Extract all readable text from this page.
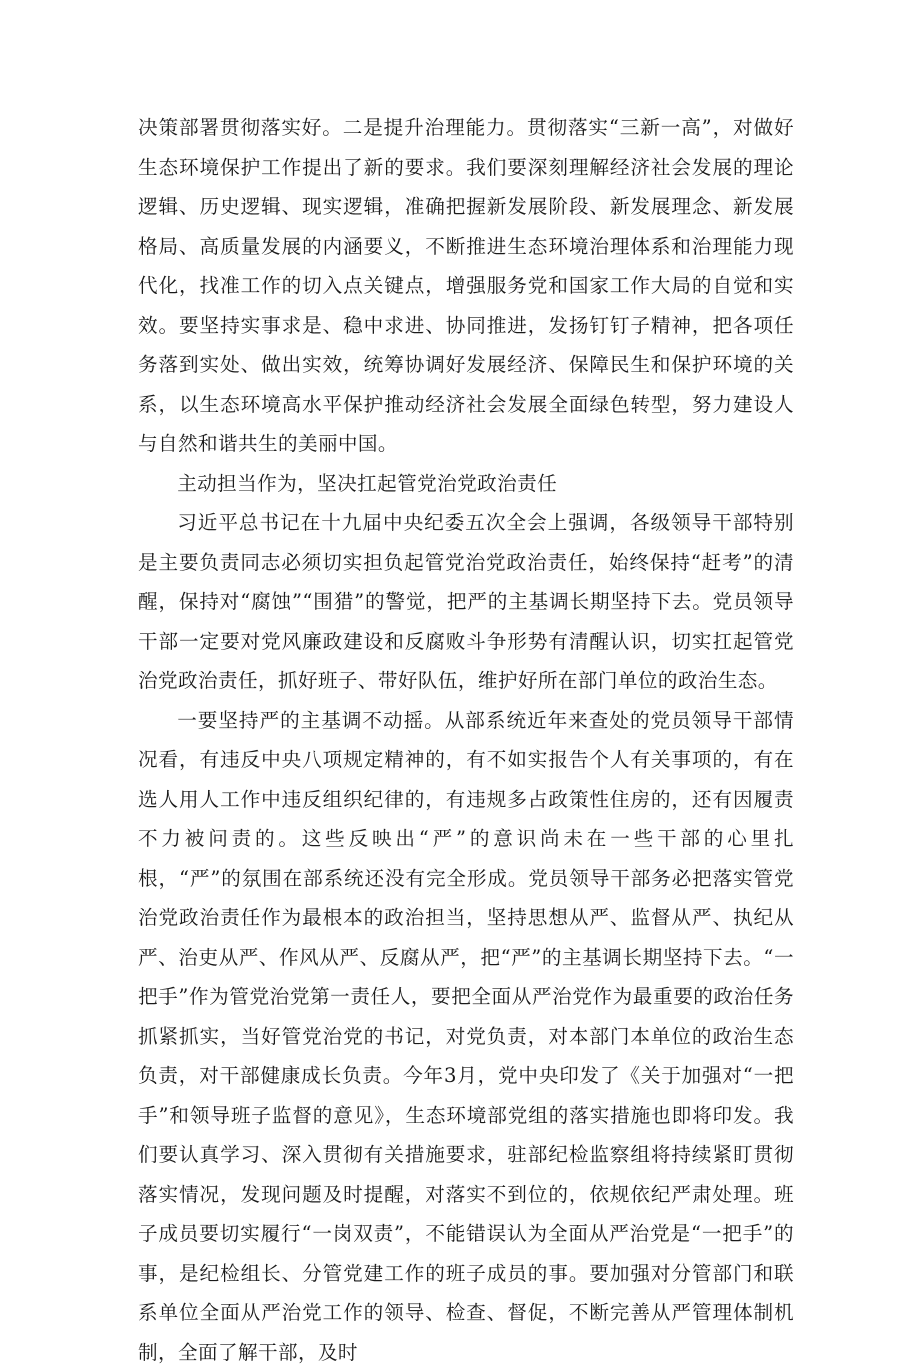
决策部署贯彻落实好。二是提升治理能力。贯彻落实“三新一高”，对做好生态环境保护工作提出了新的要求。我们要深刻理解经济社会发展的理论逻辑、历史逻辑、现实逻辑，准确把握新发展阶段、新发展理念、新发展格局、高质量发展的内涵要义，不断推进生态环境治理体系和治理能力现代化，找准工作的切入点关键点，增强服务党和国家工作大局的自觉和实效。要坚持实事求是、稳中求进、协同推进，发扬钉钉子精神，把各项任务落到实处、做出实效，统筹协调好发展经济、保障民生和保护环境的关系，以生态环境高水平保护推动经济社会发展全面绿色转型，努力建设人与自然和谐共生的美丽中国。

主动担当作为，坚决扛起管党治党政治责任

习近平总书记在十九届中央纪委五次全会上强调，各级领导干部特别是主要负责同志必须切实担负起管党治党政治责任，始终保持“赶考”的清醒，保持对“腐蚀”“围猎”的警觉，把严的主基调长期坚持下去。党员领导干部一定要对党风廉政建设和反腐败斗争形势有清醒认识，切实扛起管党治党政治责任，抓好班子、带好队伍，维护好所在部门单位的政治生态。

一要坚持严的主基调不动摇。从部系统近年来查处的党员领导干部情况看，有违反中央八项规定精神的，有不如实报告个人有关事项的，有在选人用人工作中违反组织纪律的，有违规多占政策性住房的，还有因履责不力被问责的。这些反映出“严”的意识尚未在一些干部的心里扎根，“严”的氛围在部系统还没有完全形成。党员领导干部务必把落实管党治党政治责任作为最根本的政治担当，坚持思想从严、监督从严、执纪从严、治吏从严、作风从严、反腐从严，把“严”的主基调长期坚持下去。“一把手”作为管党治党第一责任人，要把全面从严治党作为最重要的政治任务抓紧抓实，当好管党治党的书记，对党负责，对本部门本单位的政治生态负责，对干部健康成长负责。今年3月，党中央印发了《关于加强对“一把手”和领导班子监督的意见》，生态环境部党组的落实措施也即将印发。我们要认真学习、深入贯彻有关措施要求，驻部纪检监察组将持续紧盯贯彻落实情况，发现问题及时提醒，对落实不到位的，依规依纪严肃处理。班子成员要切实履行“一岗双责”，不能错误认为全面从严治党是“一把手”的事，是纪检组长、分管党建工作的班子成员的事。要加强对分管部门和联系单位全面从严治党工作的领导、检查、督促，不断完善从严管理体制机制，全面了解干部，及时
